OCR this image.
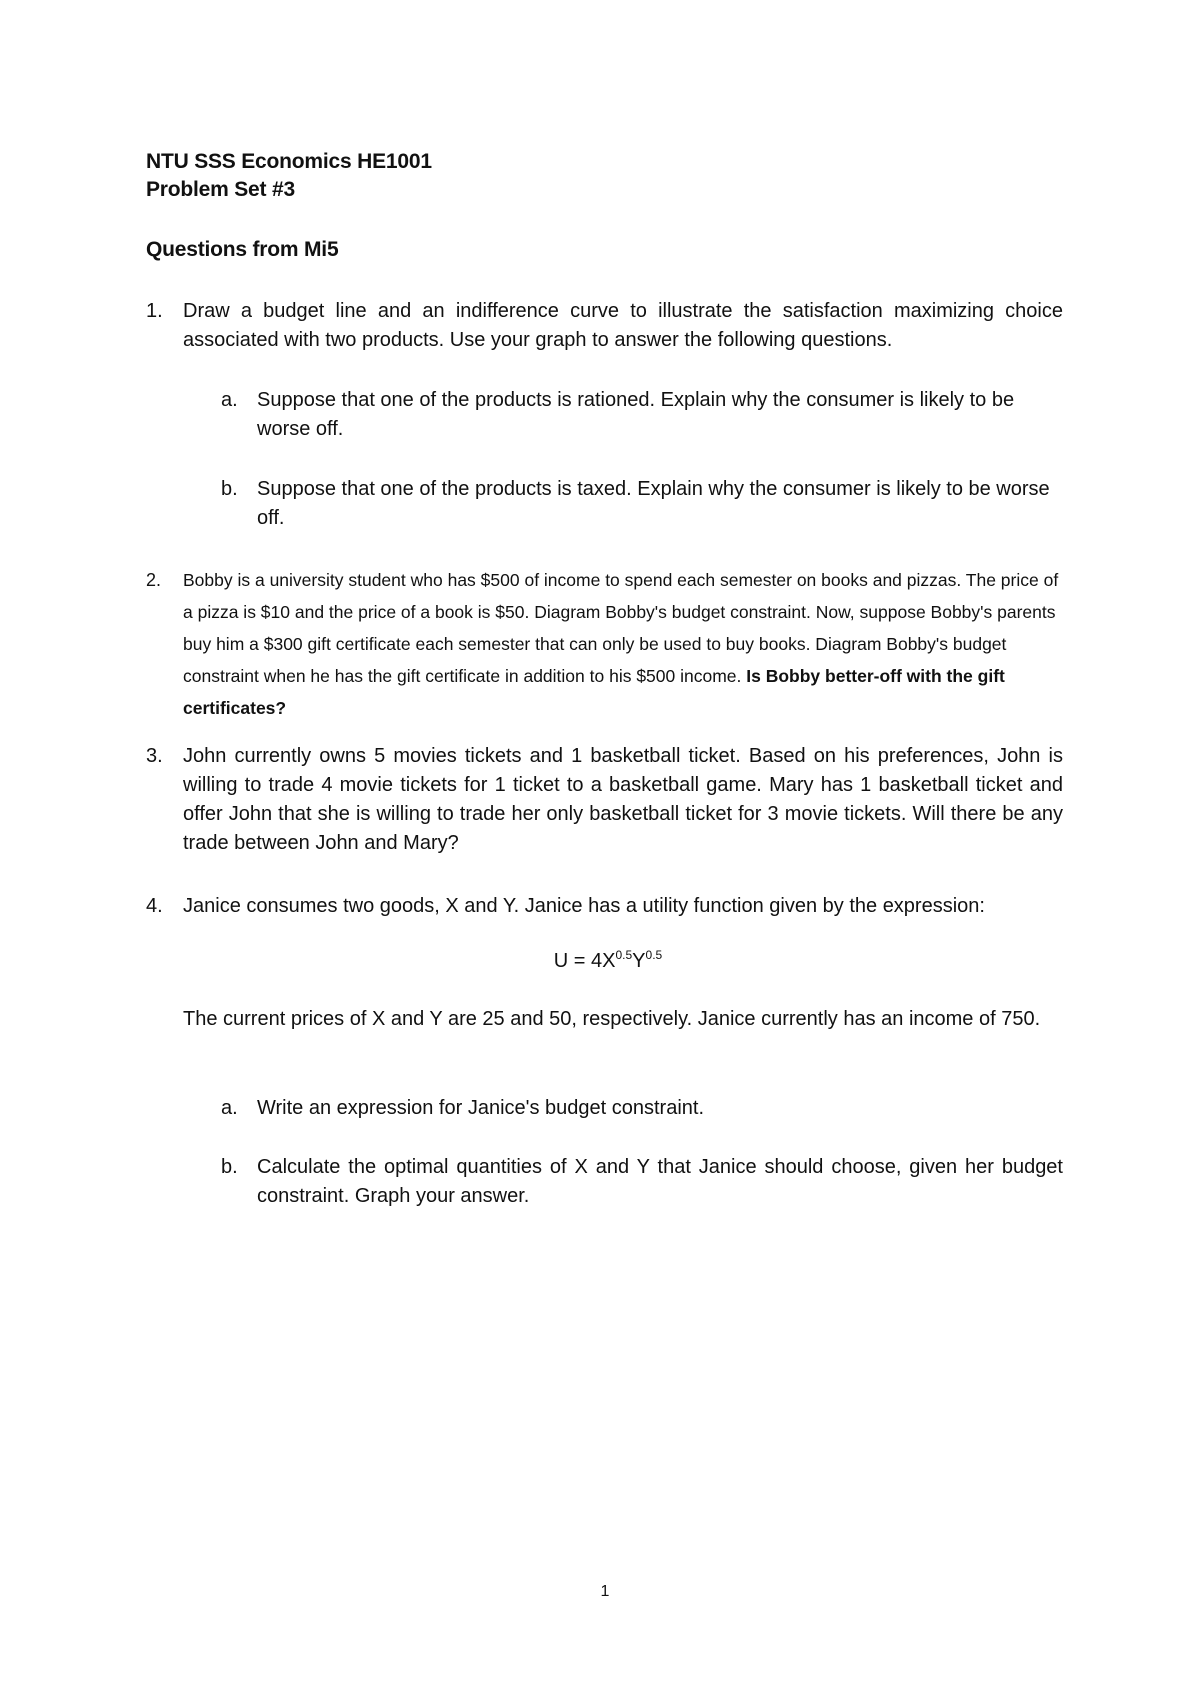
NTU SSS Economics HE1001
Problem Set #3
Questions from Mi5
1. Draw a budget line and an indifference curve to illustrate the satisfaction maximizing choice associated with two products. Use your graph to answer the following questions.
a. Suppose that one of the products is rationed. Explain why the consumer is likely to be worse off.
b. Suppose that one of the products is taxed. Explain why the consumer is likely to be worse off.
2. Bobby is a university student who has $500 of income to spend each semester on books and pizzas. The price of a pizza is $10 and the price of a book is $50. Diagram Bobby's budget constraint. Now, suppose Bobby's parents buy him a $300 gift certificate each semester that can only be used to buy books. Diagram Bobby's budget constraint when he has the gift certificate in addition to his $500 income. Is Bobby better-off with the gift certificates?
3. John currently owns 5 movies tickets and 1 basketball ticket. Based on his preferences, John is willing to trade 4 movie tickets for 1 ticket to a basketball game. Mary has 1 basketball ticket and offer John that she is willing to trade her only basketball ticket for 3 movie tickets. Will there be any trade between John and Mary?
4. Janice consumes two goods, X and Y. Janice has a utility function given by the expression:
$U = 4X^{0.5}Y^{0.5}$
The current prices of X and Y are 25 and 50, respectively. Janice currently has an income of 750.
a. Write an expression for Janice's budget constraint.
b. Calculate the optimal quantities of X and Y that Janice should choose, given her budget constraint. Graph your answer.
1
